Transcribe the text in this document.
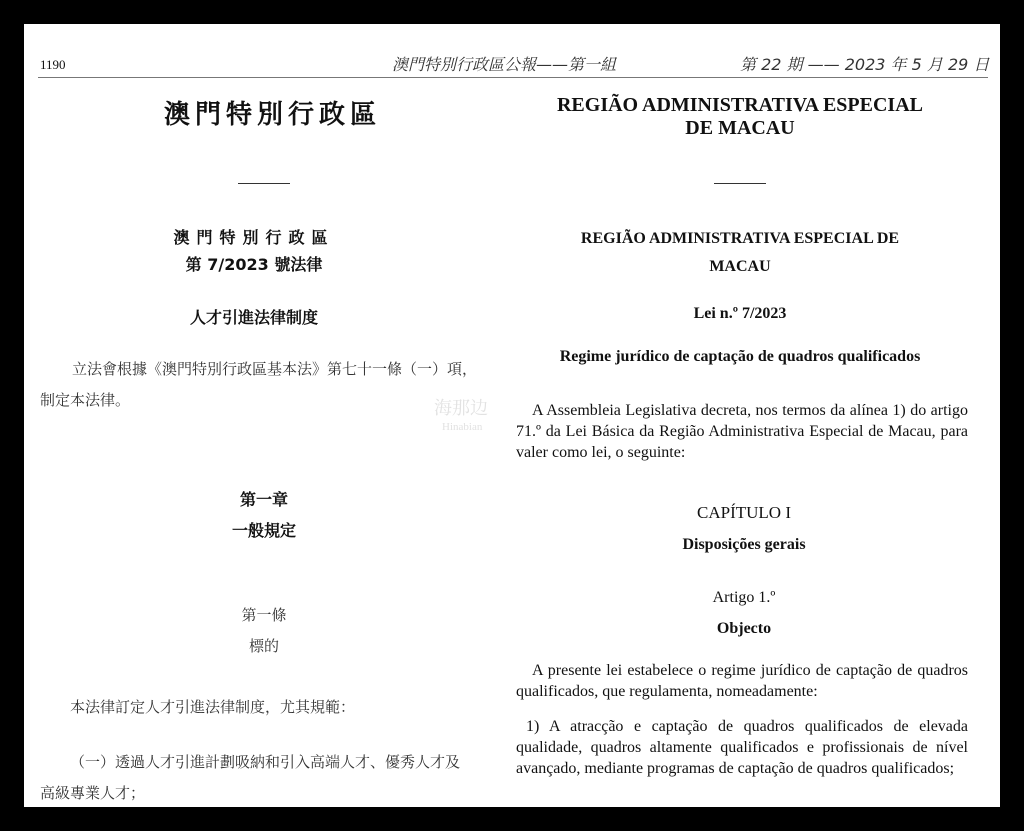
1190	澳門特別行政區公報——第一組	第 22 期 —— 2023 年 5 月 29 日
澳門特別行政區	REGIÃO ADMINISTRATIVA ESPECIAL DE MACAU
澳門特別行政區
第 7/2023 號法律
人才引進法律制度
立法會根據《澳門特別行政區基本法》第七十一條（一）項，
制定本法律。
第一章
一般規定
第一條
標的
本法律訂定人才引進法律制度，尤其規範：
（一）透過人才引進計劃吸納和引入高端人才、優秀人才及
高級專業人才；
REGIÃO ADMINISTRATIVA ESPECIAL DE MACAU
Lei n.º 7/2023
Regime jurídico de captação de quadros qualificados
A Assembleia Legislativa decreta, nos termos da alínea 1) do artigo 71.º da Lei Básica da Região Administrativa Especial de Macau, para valer como lei, o seguinte:
CAPÍTULO I
Disposições gerais
Artigo 1.º
Objecto
A presente lei estabelece o regime jurídico de captação de quadros qualificados, que regulamenta, nomeadamente:
1) A atracção e captação de quadros qualificados de elevada qualidade, quadros altamente qualificados e profissionais de nível avançado, mediante programas de captação de quadros qualificados;
海那边
Hinabian
